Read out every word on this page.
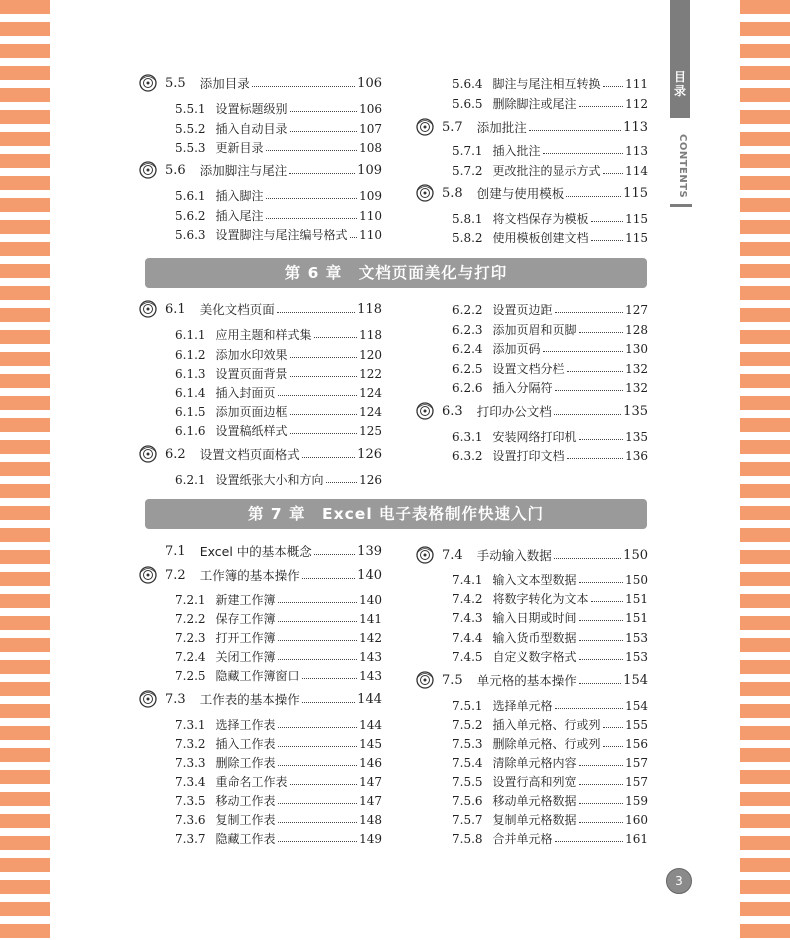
目录
CONTENTS
第 6 章　文档页面美化与打印
第 7 章　Excel 电子表格制作快速入门
5.5 添加目录	106
5.5.1 设置标题级别	106
5.5.2 插入自动目录	107
5.5.3 更新目录	108
5.6 添加脚注与尾注	109
5.6.1 插入脚注	109
5.6.2 插入尾注	110
5.6.3 设置脚注与尾注编号格式 110
5.6.4 脚注与尾注相互转换 111
5.6.5 删除脚注或尾注	112
5.7 添加批注	113
5.7.1 插入批注	113
5.7.2 更改批注的显示方式 114
5.8 创建与使用模板	115
5.8.1 将文档保存为模板	115
5.8.2 使用模板创建文档	115
6.1 美化文档页面	118
6.1.1 应用主题和样式集	118
6.1.2 添加水印效果	120
6.1.3 设置页面背景	122
6.1.4 插入封面页	124
6.1.5 添加页面边框	124
6.1.6 设置稿纸样式	125
6.2 设置文档页面格式	126
6.2.1 设置纸张大小和方向	126
6.2.2 设置页边距	127
6.2.3 添加页眉和页脚	128
6.2.4 添加页码	130
6.2.5 设置文档分栏	132
6.2.6 插入分隔符	132
6.3 打印办公文档	135
6.3.1 安装网络打印机	135
6.3.2 设置打印文档	136
7.1 Excel 中的基本概念	139
7.2 工作簿的基本操作	140
7.2.1 新建工作簿	140
7.2.2 保存工作簿	141
7.2.3 打开工作簿	142
7.2.4 关闭工作簿	143
7.2.5 隐藏工作簿窗口	143
7.3 工作表的基本操作	144
7.3.1 选择工作表	144
7.3.2 插入工作表	145
7.3.3 删除工作表	146
7.3.4 重命名工作表	147
7.3.5 移动工作表	147
7.3.6 复制工作表	148
7.3.7 隐藏工作表	149
7.4 手动输入数据	150
7.4.1 输入文本型数据	150
7.4.2 将数字转化为文本	151
7.4.3 输入日期或时间	151
7.4.4 输入货币型数据	153
7.4.5 自定义数字格式	153
7.5 单元格的基本操作	154
7.5.1 选择单元格	154
7.5.2 插入单元格、行或列 155
7.5.3 删除单元格、行或列 156
7.5.4 清除单元格内容	157
7.5.5 设置行高和列宽	157
7.5.6 移动单元格数据	159
7.5.7 复制单元格数据	160
7.5.8 合并单元格	161
3
